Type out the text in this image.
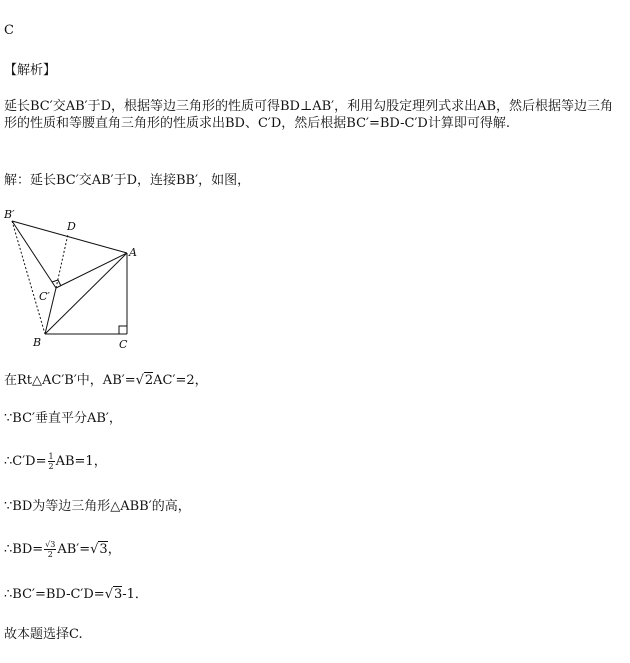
C
【解析】
延长BC′交AB′于D，根据等边三角形的性质可得BD⊥AB′，利用勾股定理列式求出AB，然后根据等边三角形的性质和等腰直角三角形的性质求出BD、C′D，然后根据BC′=BD-C′D计算即可得解.
解：延长BC′交AB′于D，连接BB′，如图，
B′
D
A
C′
B	C
在Rt△AC′B′中，AB′=√2AC′=2，
∵BC′垂直平分AB′，
∴C′D= $\frac{1}{2} AB=1$，
∵BD为等边三角形△ABB′的高，
∴BD= $\frac{√3}{2} AB'=√3$，
∴BC′=BD-C′D=√3-1．
故本题选择C.
